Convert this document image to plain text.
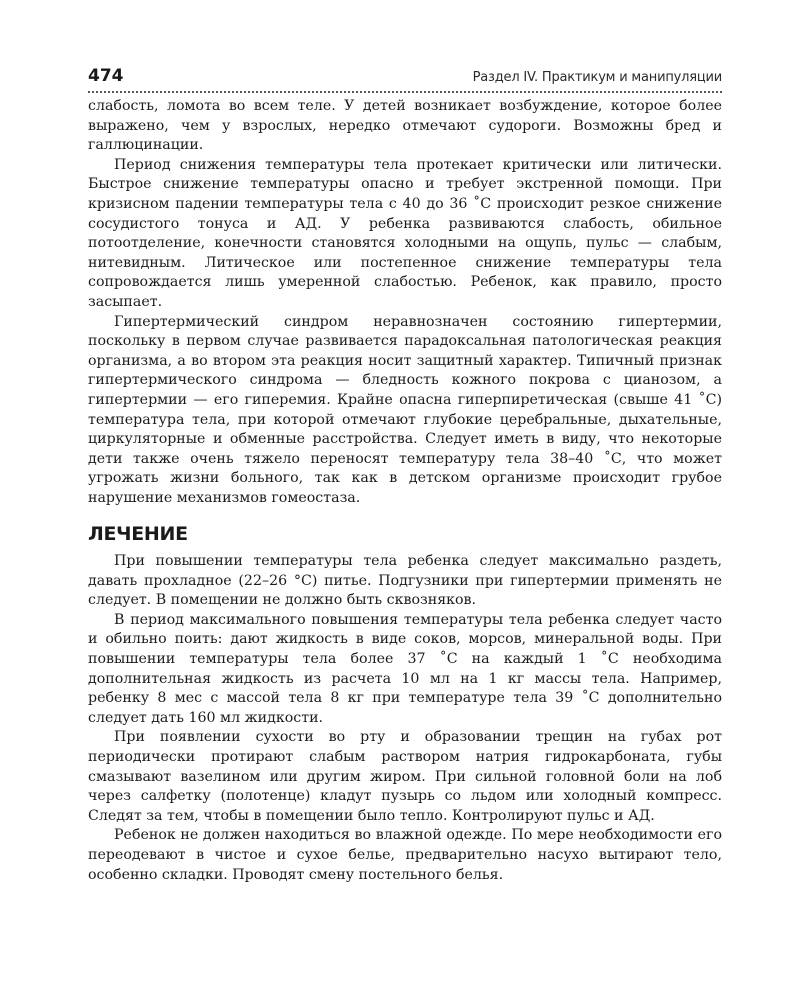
474	Раздел IV. Практикум и манипуляции

слабость, ломота во всем теле. У детей возникает возбуждение, которое более выражено, чем у взрослых, нередко отмечают судороги. Возможны бред и галлюцинации.

Период снижения температуры тела протекает критически или литически. Быстрое снижение температуры опасно и требует экстренной помощи. При кризисном падении температуры тела с 40 до 36 ˚С происходит резкое снижение сосудистого тонуса и АД. У ребенка развиваются слабость, обильное потоотделение, конечности становятся холодными на ощупь, пульс — слабым, нитевидным. Литическое или постепенное снижение температуры тела сопровождается лишь умеренной слабостью. Ребенок, как правило, просто засыпает.

Гипертермический синдром неравнозначен состоянию гипертермии, поскольку в первом случае развивается парадоксальная патологическая реакция организма, а во втором эта реакция носит защитный характер. Типичный признак гипертермического синдрома — бледность кожного покрова с цианозом, а гипертермии — его гиперемия. Крайне опасна гиперпиретическая (свыше 41 ˚С) температура тела, при которой отмечают глубокие церебральные, дыхательные, циркуляторные и обменные расстройства. Следует иметь в виду, что некоторые дети также очень тяжело переносят температуру тела 38–40 ˚С, что может угрожать жизни больного, так как в детском организме происходит грубое нарушение механизмов гомеостаза.

ЛЕЧЕНИЕ

При повышении температуры тела ребенка следует максимально раздеть, давать прохладное (22–26 °С) питье. Подгузники при гипертермии применять не следует. В помещении не должно быть сквозняков.

В период максимального повышения температуры тела ребенка следует часто и обильно поить: дают жидкость в виде соков, морсов, минеральной воды. При повышении температуры тела более 37 ˚С на каждый 1 ˚С необходима дополнительная жидкость из расчета 10 мл на 1 кг массы тела. Например, ребенку 8 мес с массой тела 8 кг при температуре тела 39 ˚С дополнительно следует дать 160 мл жидкости.

При появлении сухости во рту и образовании трещин на губах рот периодически протирают слабым раствором натрия гидрокарбоната, губы смазывают вазелином или другим жиром. При сильной головной боли на лоб через салфетку (полотенце) кладут пузырь со льдом или холодный компресс. Следят за тем, чтобы в помещении было тепло. Контролируют пульс и АД.

Ребенок не должен находиться во влажной одежде. По мере необходимости его переодевают в чистое и сухое белье, предварительно насухо вытирают тело, особенно складки. Проводят смену постельного белья.
